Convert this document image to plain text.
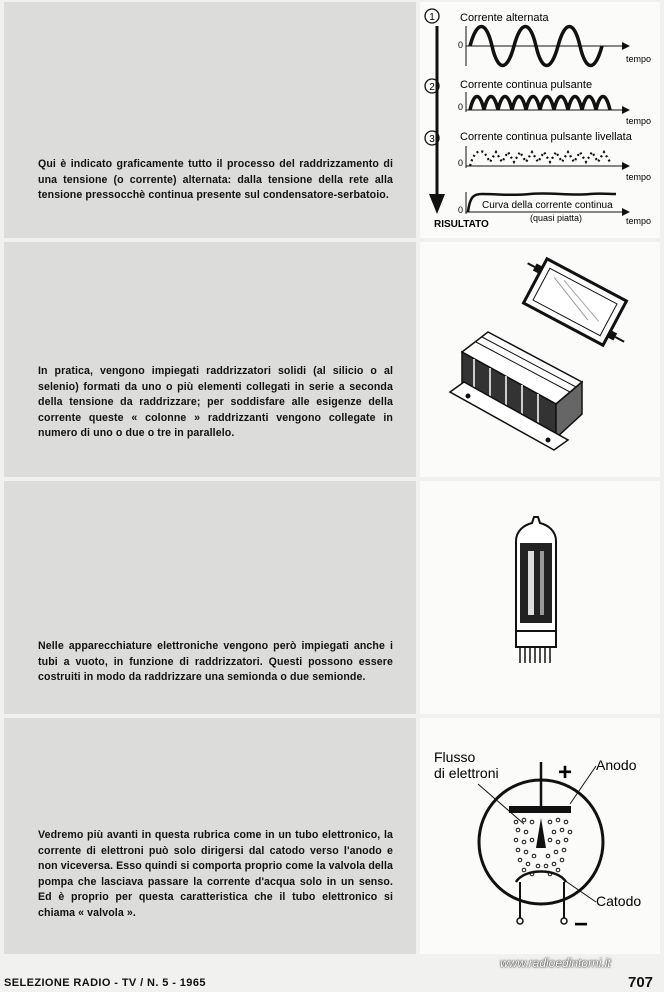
Qui è indicato graficamente tutto il processo del raddrizzamento di una tensione (o corrente) alternata: dalla tensione della rete alla tensione pressocchè continua presente sul condensatore-serbatoio.
1 Corrente alternata
0
tempo
2 Corrente continua pulsante
0
tempo
3 Corrente continua pulsante livellata
0
tempo
0 Curva della corrente continua
(quasi piatta)
RISULTATO	tempo
In pratica, vengono impiegati raddrizzatori solidi (al silicio o al selenio) formati da uno o più elementi collegati in serie a seconda della tensione da raddrizzare; per soddisfare alle esigenze della corrente queste « colonne » raddrizzanti vengono collegate in numero di uno o due o tre in parallelo.
Nelle apparecchiature elettroniche vengono però impiegati anche i tubi a vuoto, in funzione di raddrizzatori. Questi possono essere costruiti in modo da raddrizzare una semionda o due semionde.
Vedremo più avanti in questa rubrica come in un tubo elettronico, la corrente di elettroni può solo dirigersi dal catodo verso l'anodo e non viceversa. Esso quindi si comporta proprio come la valvola della pompa che lasciava passare la corrente d'acqua solo in un senso. Ed è proprio per questa caratteristica che il tubo elettronico si chiama « valvola ».
Flusso
di elettroni	Anodo
+
Catodo
−
SELEZIONE RADIO - TV / N. 5 - 1965
www.radioedintorni.it
707
